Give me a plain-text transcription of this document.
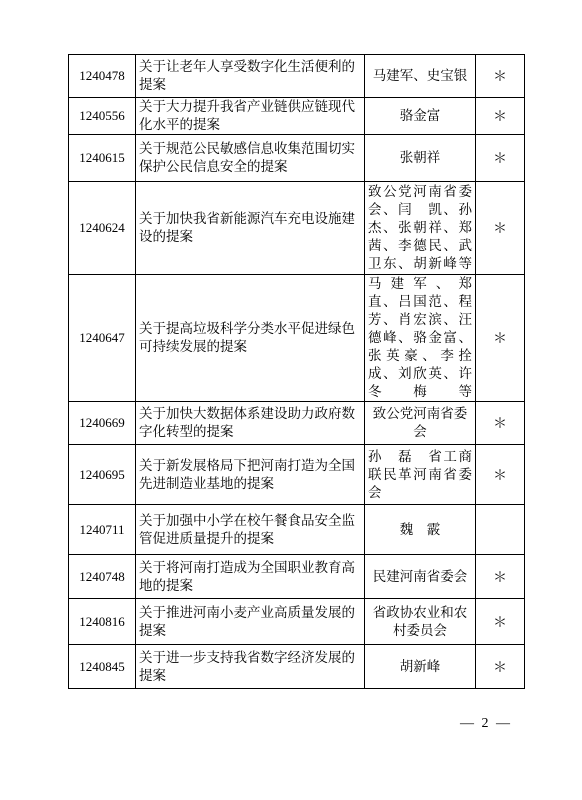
1240478	关于让老年人享受数字化生活便利的提案	马建军、史宝银	＊
1240556	关于大力提升我省产业链供应链现代化水平的提案	骆金富	＊
1240615	关于规范公民敏感信息收集范围切实保护公民信息安全的提案	张朝祥	＊
1240624	关于加快我省新能源汽车充电设施建设的提案	致公党河南省委会、闫　凯、孙　杰、张朝祥、郑　茜、李德民、武卫东、胡新峰等	＊
1240647	关于提高垃圾科学分类水平促进绿色可持续发展的提案	马建军、郑　直、吕国范、程　芳、肖宏滨、汪德峰、骆金富、张英豪、李拴成、刘欣英、许冬梅等	＊
1240669	关于加快大数据体系建设助力政府数字化转型的提案	致公党河南省委会	＊
1240695	关于新发展格局下把河南打造为全国先进制造业基地的提案	孙　磊　省工商联民革河南省委会	＊
1240711	关于加强中小学在校午餐食品安全监管促进质量提升的提案	魏　霰	
1240748	关于将河南打造成为全国职业教育高地的提案	民建河南省委会	＊
1240816	关于推进河南小麦产业高质量发展的提案	省政协农业和农村委员会	＊
1240845	关于进一步支持我省数字经济发展的提案	胡新峰	＊
— 2 —
